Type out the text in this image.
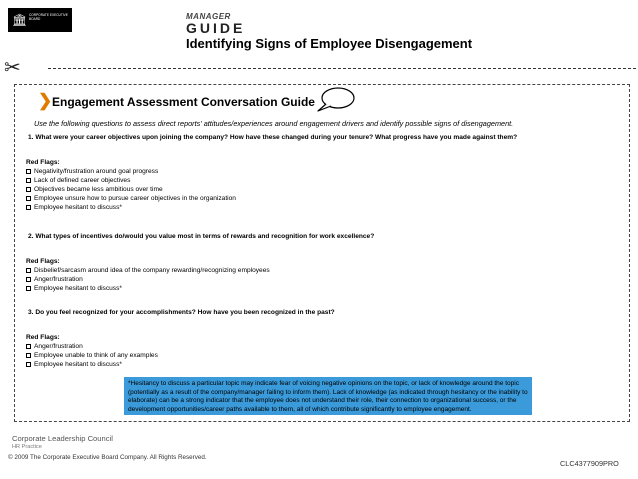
🏛 CORPORATE EXECUTIVE BOARD	MANAGER
GUIDE
Identifying Signs of Employee Disengagement
✂
❯ Engagement Assessment Conversation Guide
Use the following questions to assess direct reports' attitudes/experiences around engagement drivers and identify possible signs of disengagement.
1. What were your career objectives upon joining the company? How have these changed during your tenure? What progress have you made against them?
Red Flags:
Negativity/frustration around goal progress
Lack of defined career objectives
Objectives became less ambitious over time
Employee unsure how to pursue career objectives in the organization
Employee hesitant to discuss*
2. What types of incentives do/would you value most in terms of rewards and recognition for work excellence?
Red Flags:
Disbelief/sarcasm around idea of the company rewarding/recognizing employees
Anger/frustration
Employee hesitant to discuss*
3. Do you feel recognized for your accomplishments? How have you been recognized in the past?
Red Flags:
Anger/frustration
Employee unable to think of any examples
Employee hesitant to discuss*
*Hesitancy to discuss a particular topic may indicate fear of voicing negative opinions on the topic, or lack of knowledge around the topic (potentially as a result of the company/manager failing to inform them). Lack of knowledge (as indicated through hesitancy or the inability to elaborate) can be a strong indicator that the employee does not understand their role, their connection to organizational success, or the development opportunities/career paths available to them, all of which contribute significantly to employee engagement.
Corporate Leadership Council
HR Practice
© 2009 The Corporate Executive Board Company. All Rights Reserved.
CLC4377909PRO
